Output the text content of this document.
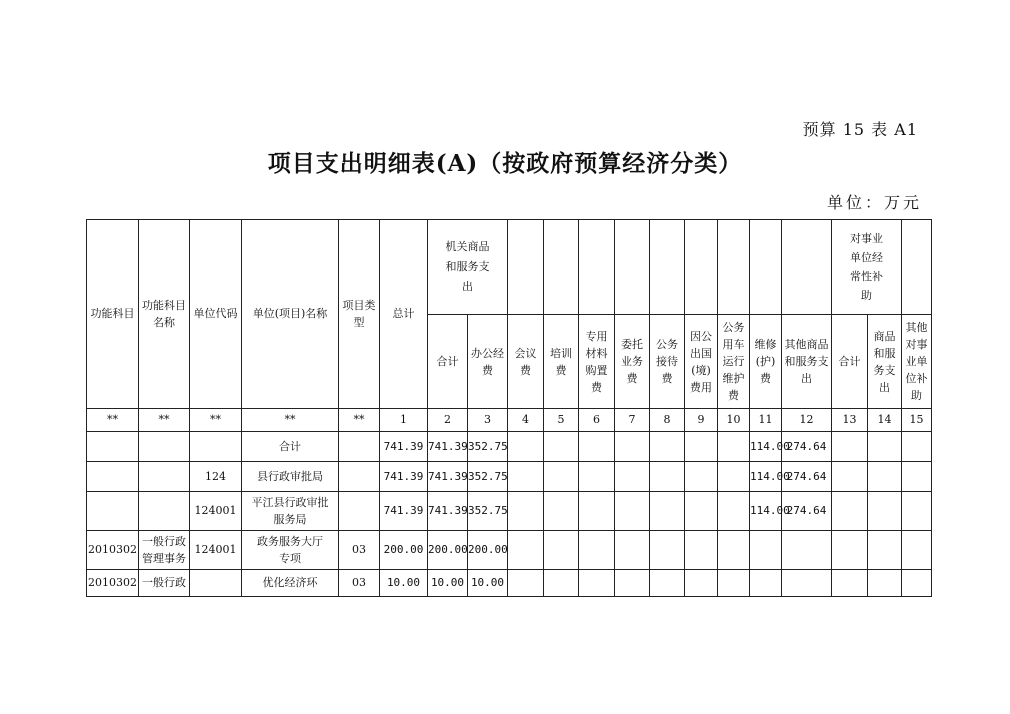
预算 15 表 A1
项目支出明细表(A)（按政府预算经济分类）
单位：万元
功能科目	功能科目名称	单位代码	单位(项目)名称	项目类型	总计	机关商品和服务支出											对事业单位经常性补助		
						合计	办公经费	会议费	培训费	专用材料购置费	委托业务费	公务接待费	因公出国(境)费用	公务用车运行维护费	维修(护)费	其他商品和服务支出	合计	商品和服务支出	其他对事业单位补助
**	**	**	**	**	1	2	3	4	5	6	7	8	9	10	11	12	13	14	15
			合计		741.39	741.39	352.75								114.00	274.64			
		124	县行政审批局		741.39	741.39	352.75								114.00	274.64			
		124001	平江县行政审批服务局		741.39	741.39	352.75								114.00	274.64			
2010302	一般行政管理事务	124001	政务服务大厅专项	03	200.00	200.00	200.00												
2010302	一般行政		优化经济环	03	10.00	10.00	10.00												
